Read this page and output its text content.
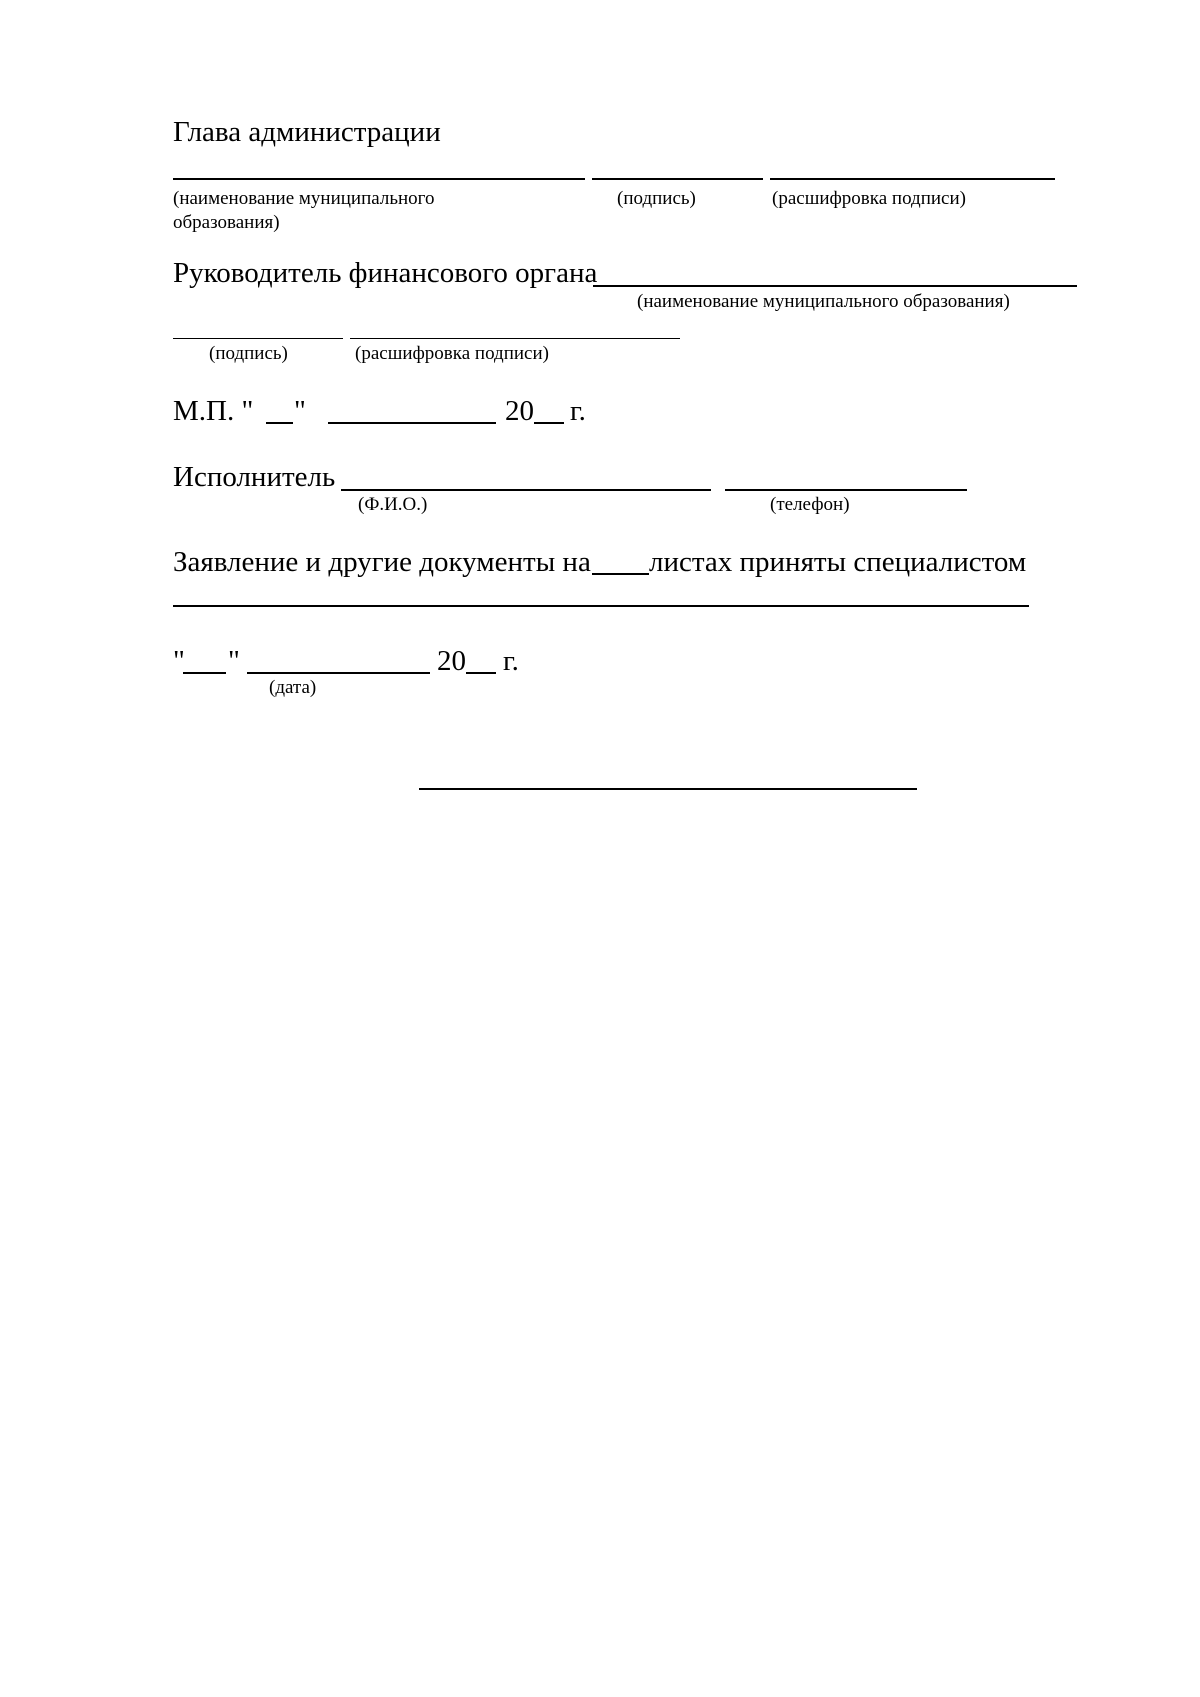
Глава администрации
(наименование муниципального
образования)
(подпись)	(расшифровка подписи)
Руководитель финансового органа
(наименование муниципального образования)
(подпись)	(расшифровка подписи)
М.П. " "	20 г.
Исполнитель
(Ф.И.О.)	(телефон)
Заявление и другие документы на листах приняты специалистом
" "	20 г.
(дата)
